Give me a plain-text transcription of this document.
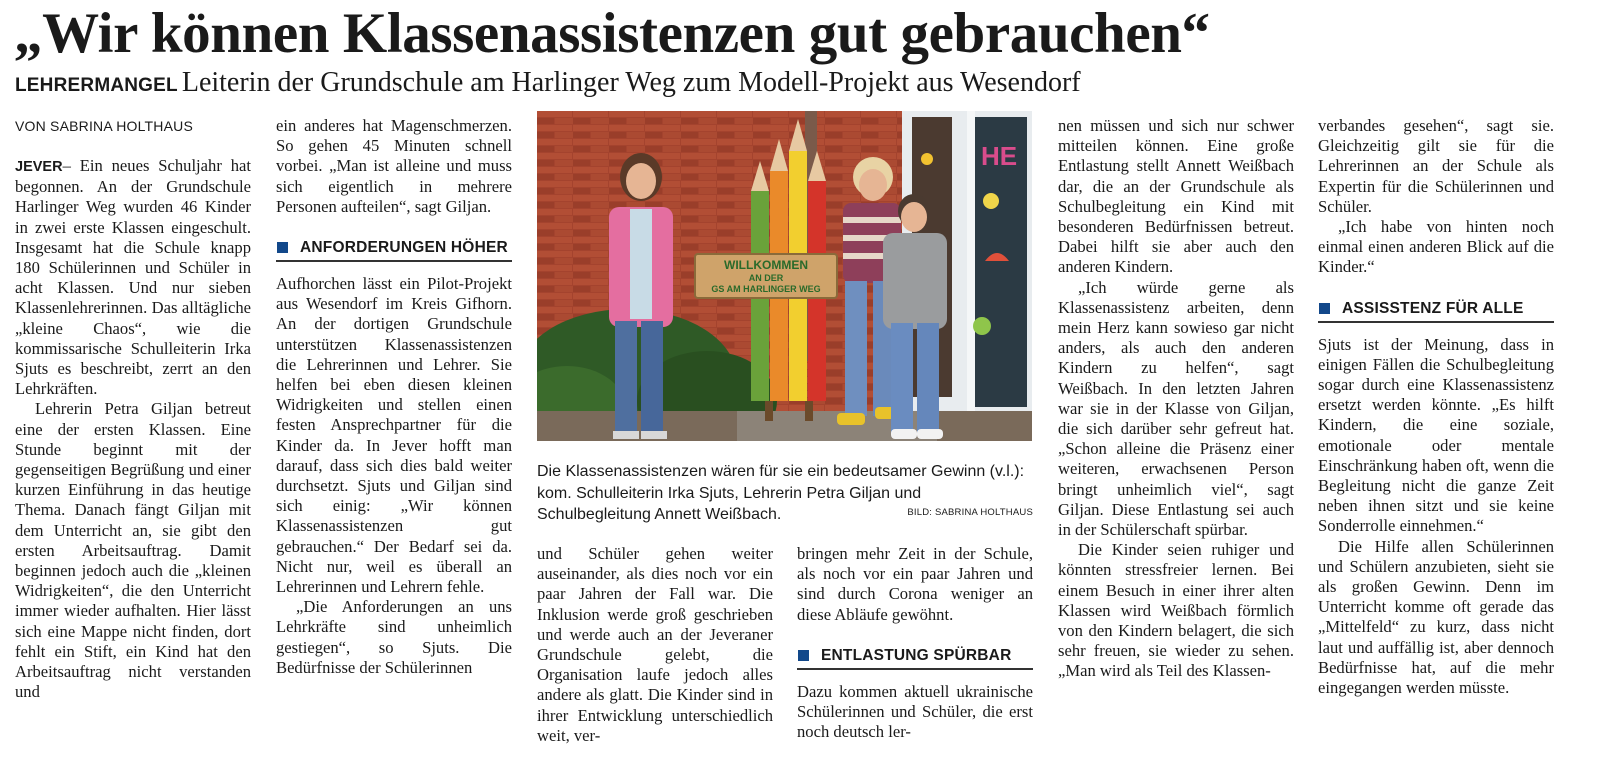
„Wir können Klassenassistenzen gut gebrauchen“
LEHRERMANGEL Leiterin der Grundschule am Harlinger Weg zum Modell-Projekt aus Wesendorf
VON SABRINA HOLTHAUS

JEVER– Ein neues Schuljahr hat begonnen. An der Grundschule Harlinger Weg wurden 46 Kinder in zwei erste Klassen eingeschult. Insgesamt hat die Schule knapp 180 Schülerinnen und Schüler in acht Klassen. Und nur sieben Klassenlehrerinnen. Das alltägliche „kleine Chaos“, wie die kommissarische Schulleiterin Irka Sjuts es beschreibt, zerrt an den Lehrkräften.

Lehrerin Petra Giljan betreut eine der ersten Klassen. Eine Stunde beginnt mit der gegenseitigen Begrüßung und einer kurzen Einführung in das heutige Thema. Danach fängt Giljan mit dem Unterricht an, sie gibt den ersten Arbeitsauftrag. Damit beginnen jedoch auch die „kleinen Widrigkeiten“, die den Unterricht immer wieder aufhalten. Hier lässt sich eine Mappe nicht finden, dort fehlt ein Stift, ein Kind hat den Arbeitsauftrag nicht verstanden und

ein anderes hat Magenschmerzen. So gehen 45 Minuten schnell vorbei. „Man ist alleine und muss sich eigentlich in mehrere Personen aufteilen“, sagt Giljan.

ANFORDERUNGEN HÖHER

Aufhorchen lässt ein Pilot-Projekt aus Wesendorf im Kreis Gifhorn. An der dortigen Grundschule unterstützen Klassenassistenzen die Lehrerinnen und Lehrer. Sie helfen bei eben diesen kleinen Widrigkeiten und stellen einen festen Ansprechpartner für die Kinder da. In Jever hofft man darauf, dass sich dies bald weiter durchsetzt. Sjuts und Giljan sind sich einig: „Wir können Klassenassistenzen gut gebrauchen.“ Der Bedarf sei da. Nicht nur, weil es überall an Lehrerinnen und Lehrern fehle.

„Die Anforderungen an uns Lehrkräfte sind unheimlich gestiegen“, so Sjuts. Die Bedürfnisse der Schülerinnen

HE
WILLKOMMEN
AN DER
GS AM HARLINGER WEG
Die Klassenassistenzen wären für sie ein bedeutsamer Gewinn (v.l.): kom. Schulleiterin Irka Sjuts, Lehrerin Petra Giljan und Schulbegleitung Annett Weißbach.	BILD: SABRINA HOLTHAUS

und Schüler gehen weiter auseinander, als dies noch vor ein paar Jahren der Fall war. Die Inklusion werde groß geschrieben und werde auch an der Jeveraner Grundschule gelebt, die Organisation laufe jedoch alles andere als glatt. Die Kinder sind in ihrer Entwicklung unterschiedlich weit, ver-

bringen mehr Zeit in der Schule, als noch vor ein paar Jahren und sind durch Corona weniger an diese Abläufe gewöhnt.

ENTLASTUNG SPÜRBAR

Dazu kommen aktuell ukrainische Schülerinnen und Schüler, die erst noch deutsch ler-

nen müssen und sich nur schwer mitteilen können. Eine große Entlastung stellt Annett Weißbach dar, die an der Grundschule als Schulbegleitung ein Kind mit besonderen Bedürfnissen betreut. Dabei hilft sie aber auch den anderen Kindern.

„Ich würde gerne als Klassenassistenz arbeiten, denn mein Herz kann sowieso gar nicht anders, als auch den anderen Kindern zu helfen“, sagt Weißbach. In den letzten Jahren war sie in der Klasse von Giljan, die sich darüber sehr gefreut hat. „Schon alleine die Präsenz einer weiteren, erwachsenen Person bringt unheimlich viel“, sagt Giljan. Diese Entlastung sei auch in der Schülerschaft spürbar.

Die Kinder seien ruhiger und könnten stressfreier lernen. Bei einem Besuch in einer ihrer alten Klassen wird Weißbach förmlich von den Kindern belagert, die sich sehr freuen, sie wieder zu sehen. „Man wird als Teil des Klassen-

verbandes gesehen“, sagt sie. Gleichzeitig gilt sie für die Lehrerinnen an der Schule als Expertin für die Schülerinnen und Schüler.

„Ich habe von hinten noch einmal einen anderen Blick auf die Kinder.“

ASSISSTENZ FÜR ALLE

Sjuts ist der Meinung, dass in einigen Fällen die Schulbegleitung sogar durch eine Klassenassistenz ersetzt werden könnte. „Es hilft Kindern, die eine soziale, emotionale oder mentale Einschränkung haben oft, wenn die Begleitung nicht die ganze Zeit neben ihnen sitzt und sie keine Sonderrolle einnehmen.“

Die Hilfe allen Schülerinnen und Schülern anzubieten, sieht sie als großen Gewinn. Denn im Unterricht komme oft gerade das „Mittelfeld“ zu kurz, dass nicht laut und auffällig ist, aber dennoch Bedürfnisse hat, auf die mehr eingegangen werden müsste.
